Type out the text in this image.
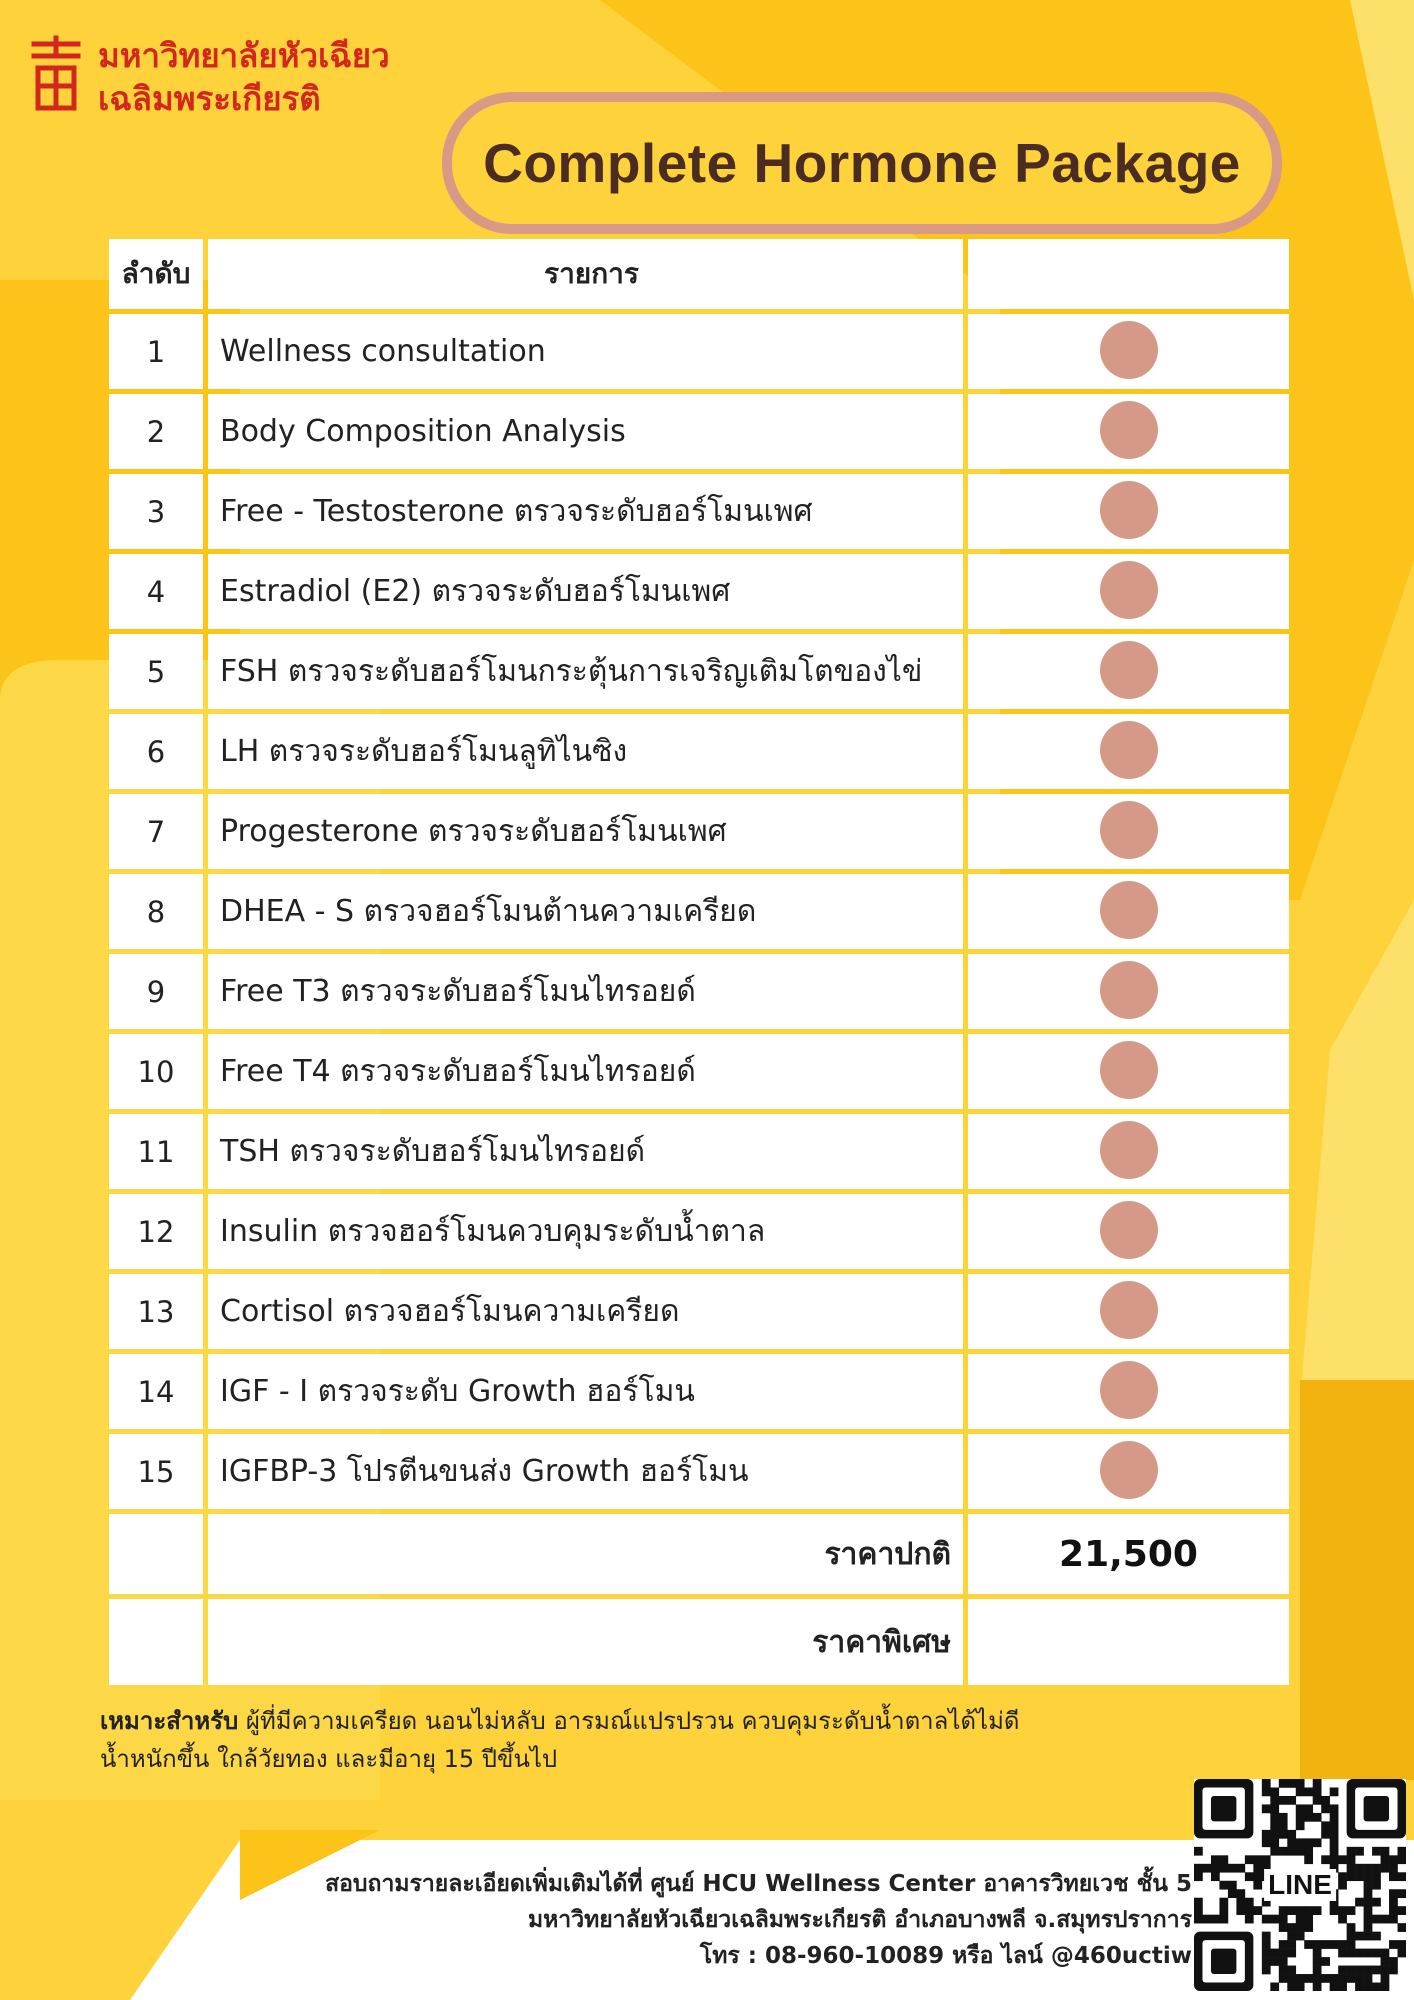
มหาวิทยาลัยหัวเฉียว
เฉลิมพระเกียรติ
Complete Hormone Package
ลำดับ	รายการ	
1	Wellness consultation	
2	Body Composition Analysis	
3	Free - Testosterone ตรวจระดับฮอร์โมนเพศ	
4	Estradiol (E2) ตรวจระดับฮอร์โมนเพศ	
5	FSH ตรวจระดับฮอร์โมนกระตุ้นการเจริญเติมโตของไข่	
6	LH ตรวจระดับฮอร์โมนลูทิไนซิง	
7	Progesterone ตรวจระดับฮอร์โมนเพศ	
8	DHEA - S ตรวจฮอร์โมนต้านความเครียด	
9	Free T3 ตรวจระดับฮอร์โมนไทรอยด์	
10	Free T4 ตรวจระดับฮอร์โมนไทรอยด์	
11	TSH ตรวจระดับฮอร์โมนไทรอยด์	
12	Insulin ตรวจฮอร์โมนควบคุมระดับน้ำตาล	
13	Cortisol ตรวจฮอร์โมนความเครียด	
14	IGF - I ตรวจระดับ Growth ฮอร์โมน	
15	IGFBP-3 โปรตีนขนส่ง Growth ฮอร์โมน	
	ราคาปกติ	21,500
	ราคาพิเศษ	
เหมาะสำหรับ ผู้ที่มีความเครียด นอนไม่หลับ อารมณ์แปรปรวน ควบคุมระดับน้ำตาลได้ไม่ดี
น้ำหนักขึ้น ใกล้วัยทอง และมีอายุ 15 ปีขึ้นไป
สอบถามรายละเอียดเพิ่มเติมได้ที่ ศูนย์ HCU Wellness Center อาคารวิทยเวช ชั้น 5
มหาวิทยาลัยหัวเฉียวเฉลิมพระเกียรติ อำเภอบางพลี จ.สมุทรปราการ
โทร : 08-960-10089 หรือ ไลน์ @460uctiw
LINE
